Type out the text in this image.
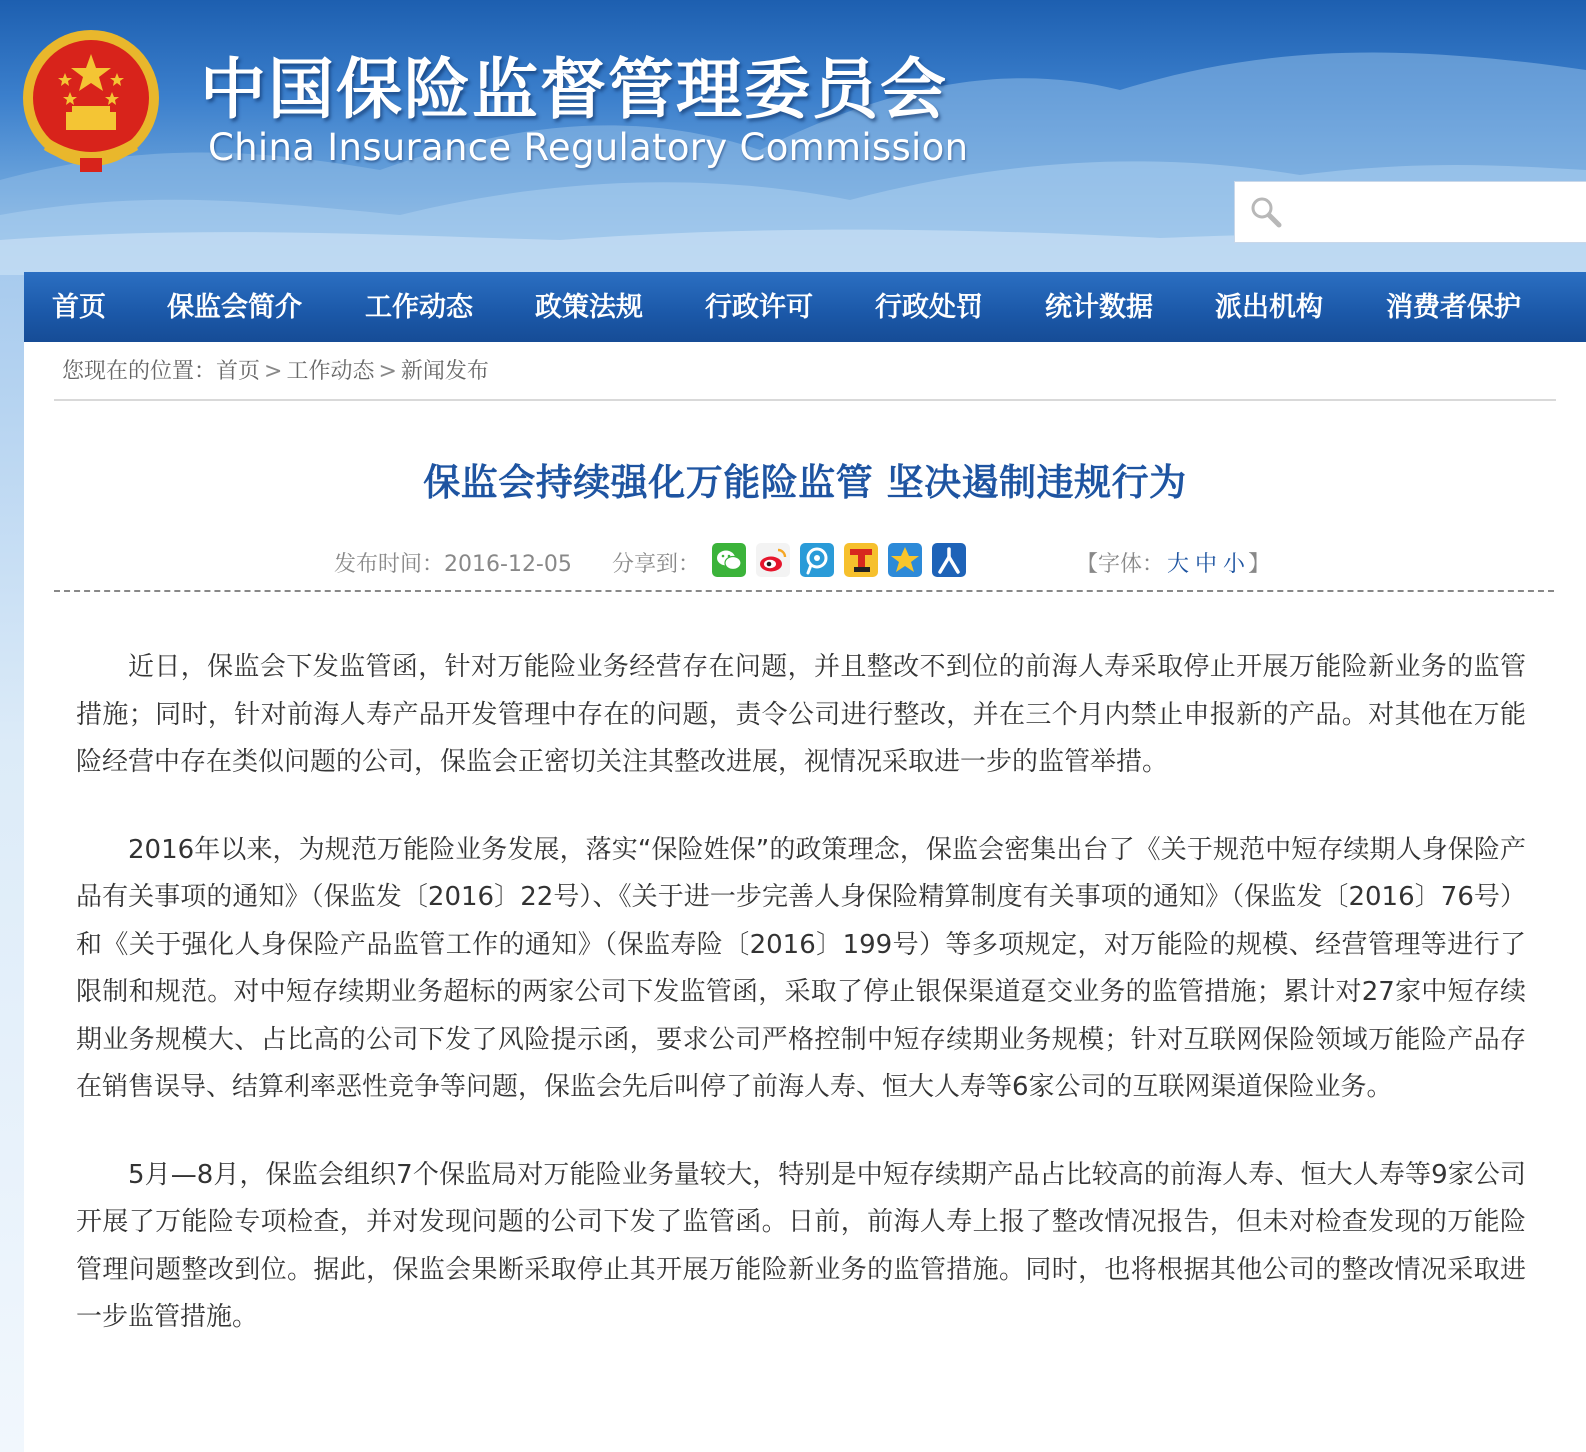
中国保险监督管理委员会
China Insurance Regulatory Commission
首页 保监会简介 工作动态 政策法规 行政许可 行政处罚 统计数据 派出机构 消费者保护
您现在的位置：首页 > 工作动态 > 新闻发布
保监会持续强化万能险监管 坚决遏制违规行为
发布时间：2016-12-05 分享到：	【字体： 大 中 小 】

近日，保监会下发监管函，针对万能险业务经营存在问题，并且整改不到位的前海人寿采取停止开展万能险新业务的监管措施；同时，针对前海人寿产品开发管理中存在的问题，责令公司进行整改，并在三个月内禁止申报新的产品。对其他在万能险经营中存在类似问题的公司，保监会正密切关注其整改进展，视情况采取进一步的监管举措。

2016年以来，为规范万能险业务发展，落实“保险姓保”的政策理念，保监会密集出台了《关于规范中短存续期人身保险产品有关事项的通知》（保监发〔2016〕22号）、《关于进一步完善人身保险精算制度有关事项的通知》（保监发〔2016〕76号）和《关于强化人身保险产品监管工作的通知》（保监寿险〔2016〕199号）等多项规定，对万能险的规模、经营管理等进行了限制和规范。对中短存续期业务超标的两家公司下发监管函，采取了停止银保渠道趸交业务的监管措施；累计对27家中短存续期业务规模大、占比高的公司下发了风险提示函，要求公司严格控制中短存续期业务规模；针对互联网保险领域万能险产品存在销售误导、结算利率恶性竞争等问题，保监会先后叫停了前海人寿、恒大人寿等6家公司的互联网渠道保险业务。

5月—8月，保监会组织7个保监局对万能险业务量较大，特别是中短存续期产品占比较高的前海人寿、恒大人寿等9家公司开展了万能险专项检查，并对发现问题的公司下发了监管函。日前，前海人寿上报了整改情况报告，但未对检查发现的万能险管理问题整改到位。据此，保监会果断采取停止其开展万能险新业务的监管措施。同时，也将根据其他公司的整改情况采取进一步监管措施。
